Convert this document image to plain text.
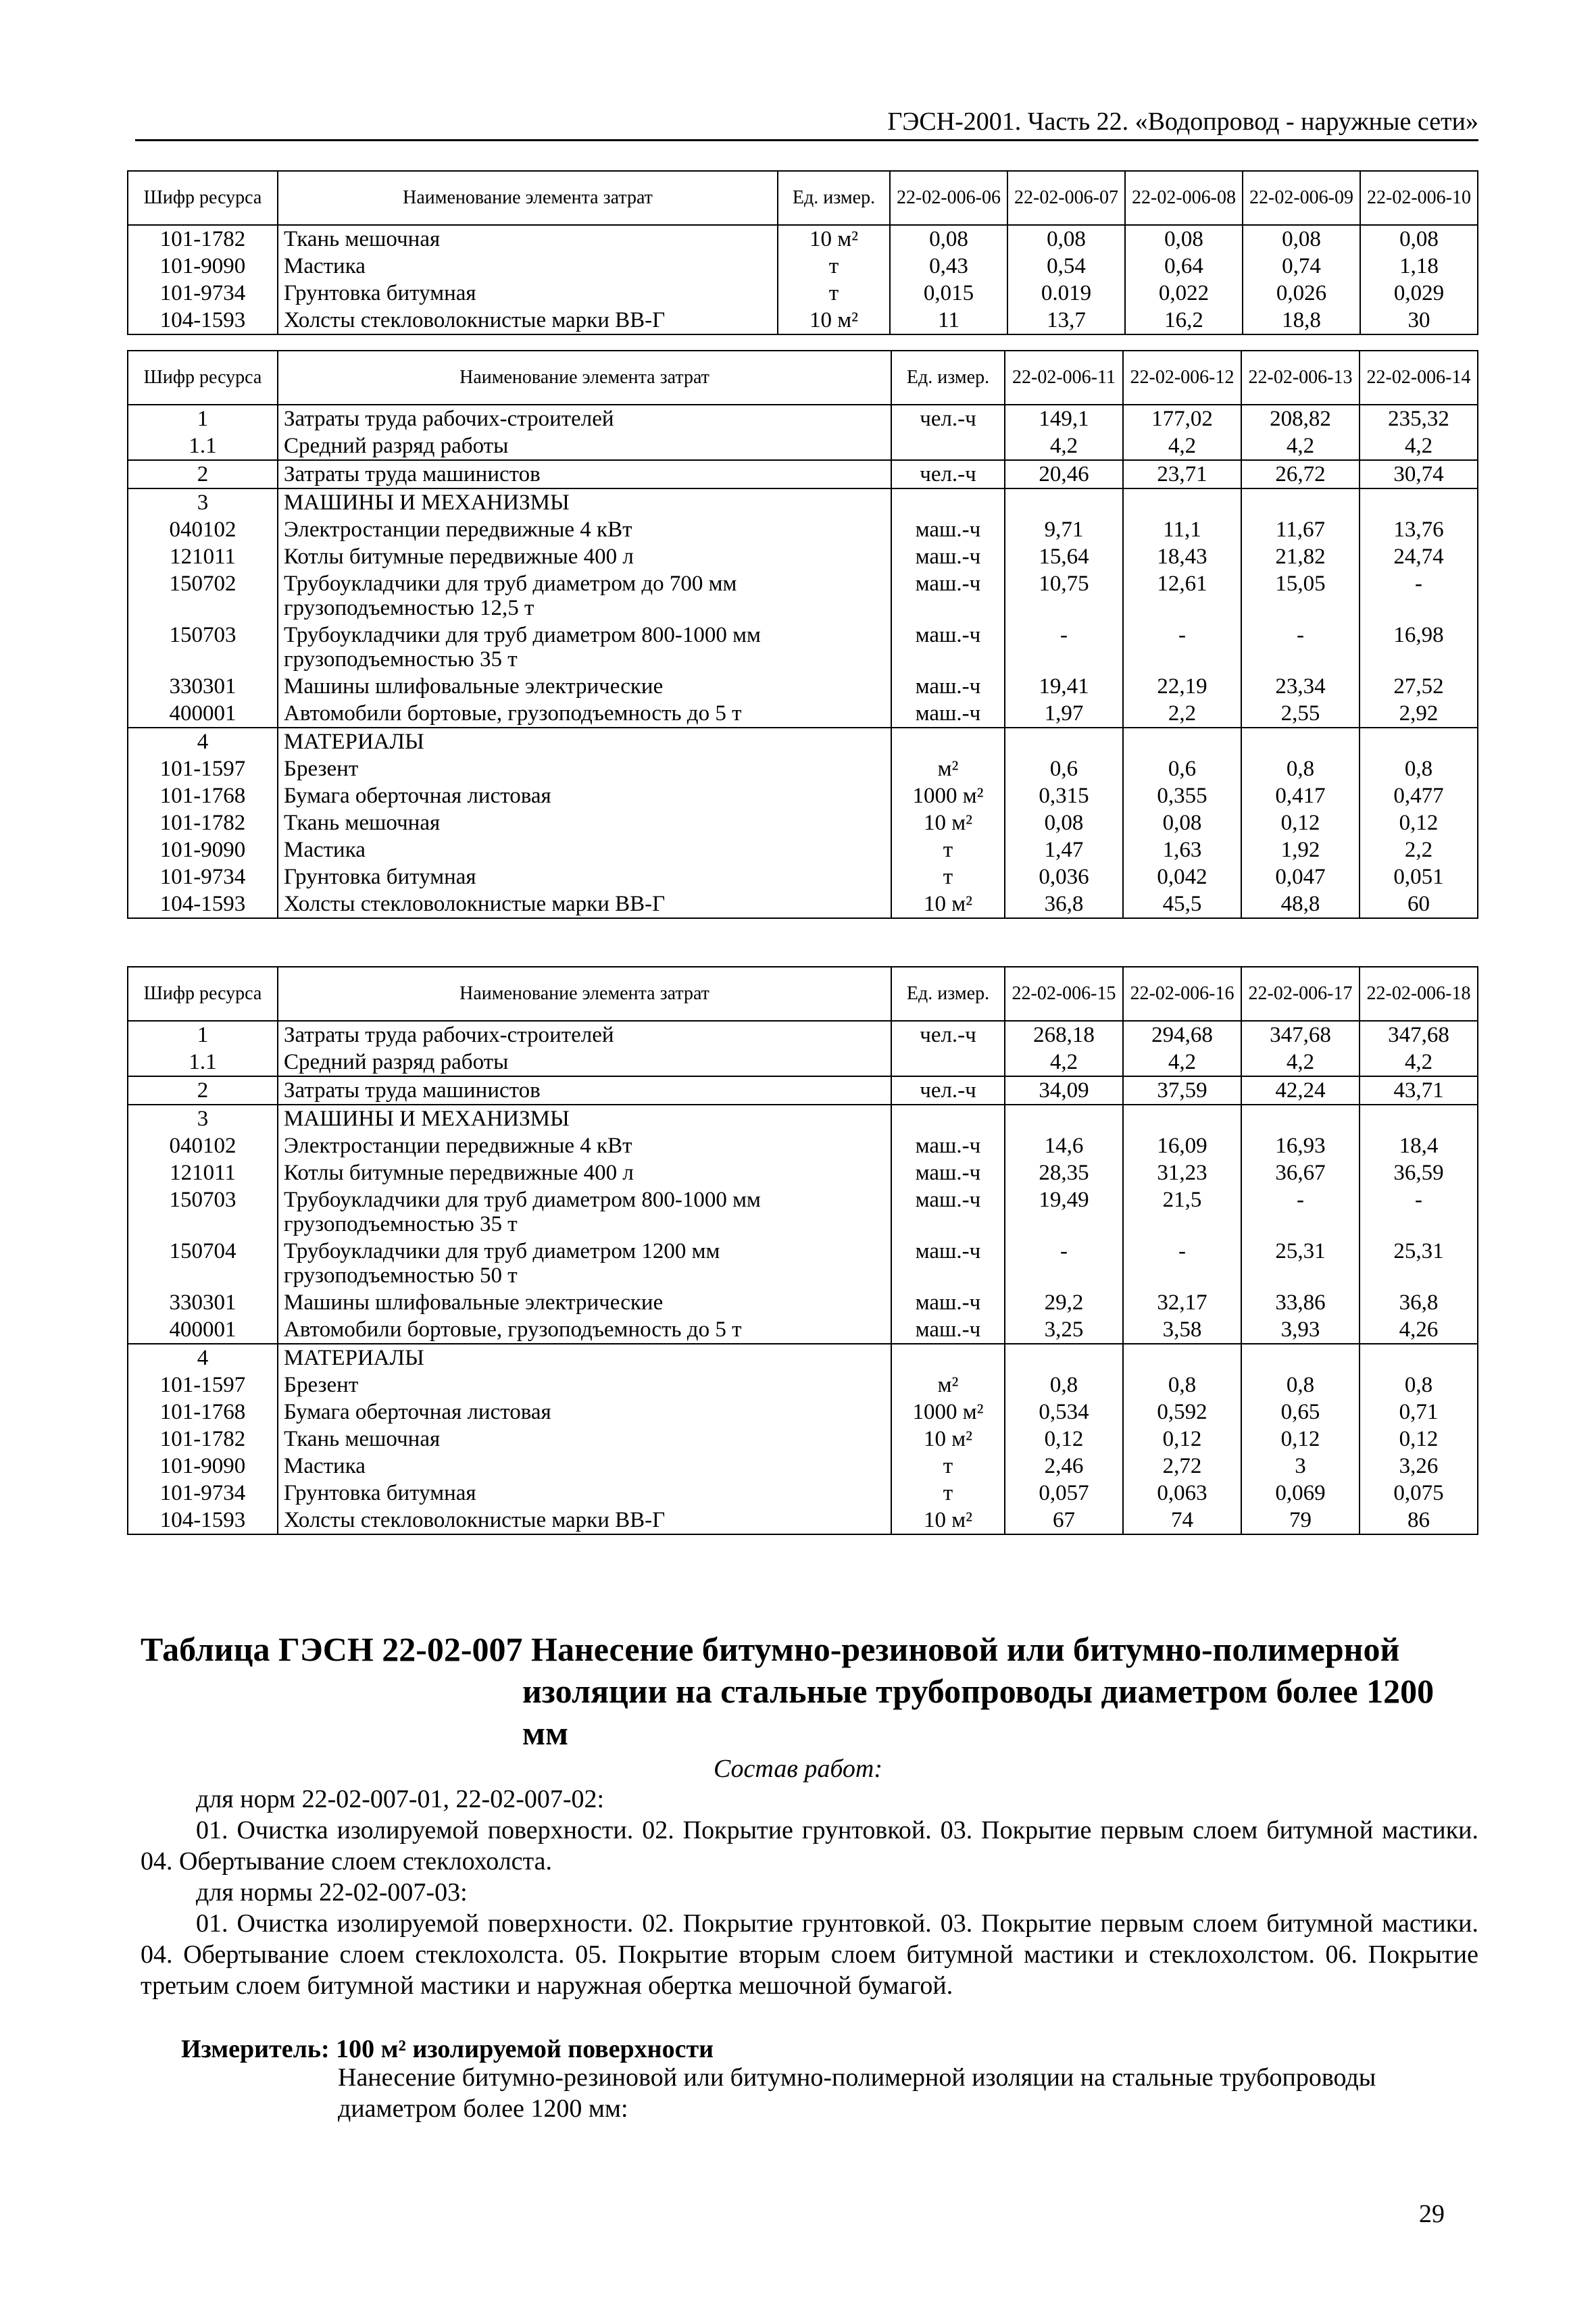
ГЭСН-2001. Часть 22. «Водопровод - наружные сети»
Шифр ресурса	Наименование элемента затрат	Ед. измер.	22-02-006-06	22-02-006-07	22-02-006-08	22-02-006-09	22-02-006-10
101-1782	Ткань мешочная	10 м²	0,08	0,08	0,08	0,08	0,08
101-9090	Мастика	т	0,43	0,54	0,64	0,74	1,18
101-9734	Грунтовка битумная	т	0,015	0.019	0,022	0,026	0,029
104-1593	Холсты стекловолокнистые марки ВВ-Г	10 м²	11	13,7	16,2	18,8	30
Шифр ресурса	Наименование элемента затрат	Ед. измер.	22-02-006-11	22-02-006-12	22-02-006-13	22-02-006-14
1	Затраты труда рабочих-строителей	чел.-ч	149,1	177,02	208,82	235,32
1.1	Средний разряд работы		4,2	4,2	4,2	4,2
2	Затраты труда машинистов	чел.-ч	20,46	23,71	26,72	30,74
3	МАШИНЫ И МЕХАНИЗМЫ					
040102	Электростанции передвижные 4 кВт	маш.-ч	9,71	11,1	11,67	13,76
121011	Котлы битумные передвижные 400 л	маш.-ч	15,64	18,43	21,82	24,74
150702	Трубоукладчики для труб диаметром до 700 мм грузоподъемностью 12,5 т	маш.-ч	10,75	12,61	15,05	-
150703	Трубоукладчики для труб диаметром 800-1000 мм грузоподъемностью 35 т	маш.-ч	-	-	-	16,98
330301	Машины шлифовальные электрические	маш.-ч	19,41	22,19	23,34	27,52
400001	Автомобили бортовые, грузоподъемность до 5 т	маш.-ч	1,97	2,2	2,55	2,92
4	МАТЕРИАЛЫ					
101-1597	Брезент	м²	0,6	0,6	0,8	0,8
101-1768	Бумага оберточная листовая	1000 м²	0,315	0,355	0,417	0,477
101-1782	Ткань мешочная	10 м²	0,08	0,08	0,12	0,12
101-9090	Мастика	т	1,47	1,63	1,92	2,2
101-9734	Грунтовка битумная	т	0,036	0,042	0,047	0,051
104-1593	Холсты стекловолокнистые марки ВВ-Г	10 м²	36,8	45,5	48,8	60
Шифр ресурса	Наименование элемента затрат	Ед. измер.	22-02-006-15	22-02-006-16	22-02-006-17	22-02-006-18
1	Затраты труда рабочих-строителей	чел.-ч	268,18	294,68	347,68	347,68
1.1	Средний разряд работы		4,2	4,2	4,2	4,2
2	Затраты труда машинистов	чел.-ч	34,09	37,59	42,24	43,71
3	МАШИНЫ И МЕХАНИЗМЫ					
040102	Электростанции передвижные 4 кВт	маш.-ч	14,6	16,09	16,93	18,4
121011	Котлы битумные передвижные 400 л	маш.-ч	28,35	31,23	36,67	36,59
150703	Трубоукладчики для труб диаметром 800-1000 мм грузоподъемностью 35 т	маш.-ч	19,49	21,5	-	-
150704	Трубоукладчики для труб диаметром 1200 мм грузоподъемностью 50 т	маш.-ч	-	-	25,31	25,31
330301	Машины шлифовальные электрические	маш.-ч	29,2	32,17	33,86	36,8
400001	Автомобили бортовые, грузоподъемность до 5 т	маш.-ч	3,25	3,58	3,93	4,26
4	МАТЕРИАЛЫ					
101-1597	Брезент	м²	0,8	0,8	0,8	0,8
101-1768	Бумага оберточная листовая	1000 м²	0,534	0,592	0,65	0,71
101-1782	Ткань мешочная	10 м²	0,12	0,12	0,12	0,12
101-9090	Мастика	т	2,46	2,72	3	3,26
101-9734	Грунтовка битумная	т	0,057	0,063	0,069	0,075
104-1593	Холсты стекловолокнистые марки ВВ-Г	10 м²	67	74	79	86
Таблица ГЭСН 22-02-007 Нанесение битумно-резиновой или битумно-полимерной
изоляции на стальные трубопроводы диаметром более 1200 мм
Состав работ:
для норм 22-02-007-01, 22-02-007-02:
01. Очистка изолируемой поверхности. 02. Покрытие грунтовкой. 03. Покрытие первым слоем битумной мастики. 04. Обертывание слоем стеклохолста.
для нормы 22-02-007-03:
01. Очистка изолируемой поверхности. 02. Покрытие грунтовкой. 03. Покрытие первым слоем битумной мастики. 04. Обертывание слоем стеклохолста. 05. Покрытие вторым слоем битумной мастики и стеклохолстом. 06. Покрытие третьим слоем битумной мастики и наружная обертка мешочной бумагой.
Измеритель: 100 м² изолируемой поверхности
Нанесение битумно-резиновой или битумно-полимерной изоляции на стальные трубопроводы диаметром более 1200 мм:
29
